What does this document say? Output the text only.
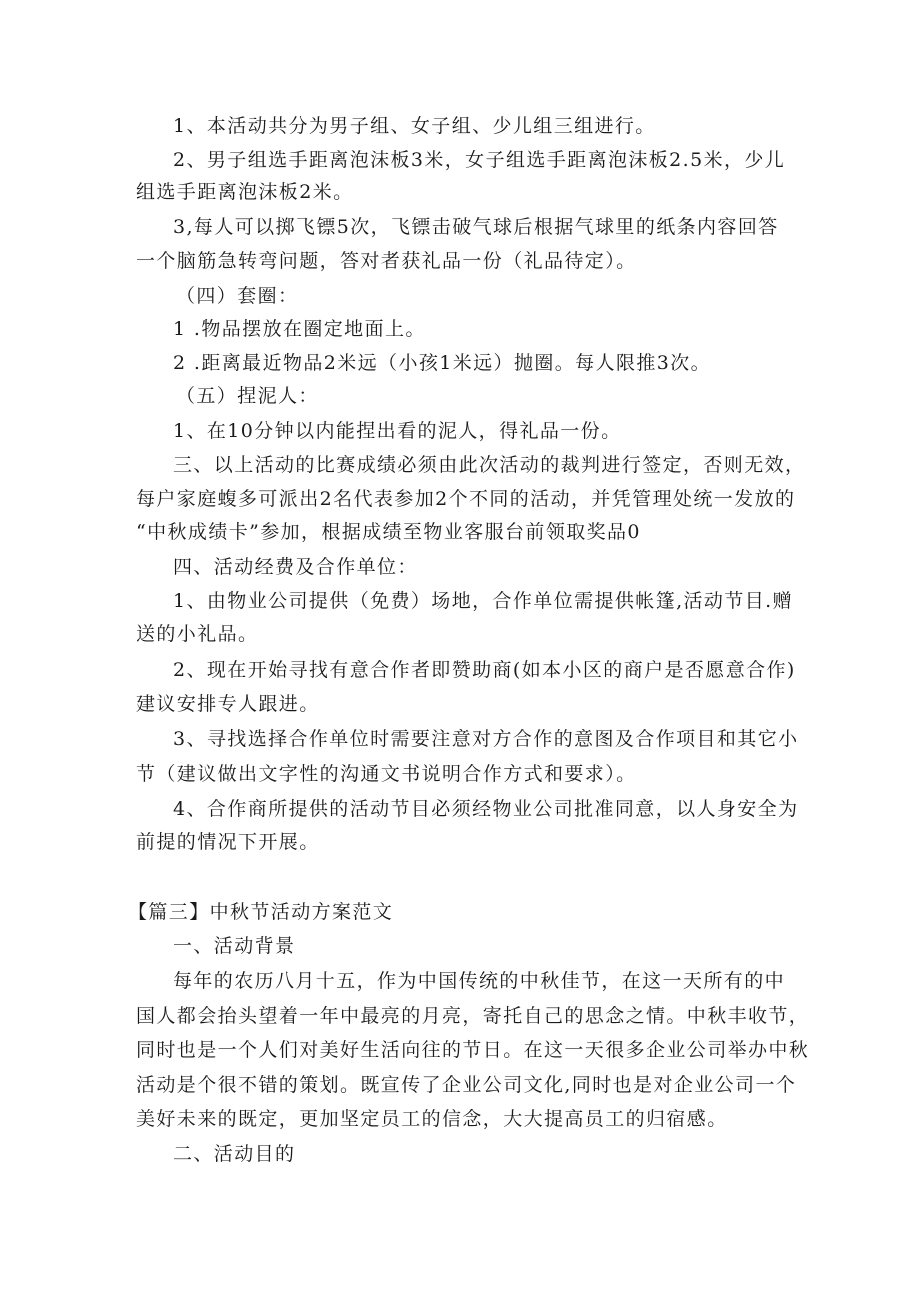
1、本活动共分为男子组、女子组、少儿组三组进行。
2、男子组选手距离泡沫板3米，女子组选手距离泡沫板2.5米，少儿
组选手距离泡沫板2米。
3,每人可以掷飞镖5次，飞镖击破气球后根据气球里的纸条内容回答
一个脑筋急转弯问题，答对者获礼品一份（礼品待定）。
（四）套圈：
1 .物品摆放在圈定地面上。
2 .距离最近物品2米远（小孩1米远）抛圈。每人限推3次。
（五）捏泥人：
1、在10分钟以内能捏出看的泥人，得礼品一份。
三、以上活动的比赛成绩必须由此次活动的裁判进行签定，否则无效，
每户家庭蝮多可派出2名代表参加2个不同的活动，并凭管理处统一发放的
“中秋成绩卡”参加，根据成绩至物业客服台前领取奖品0
四、活动经费及合作单位：
1、由物业公司提供（免费）场地，合作单位需提供帐篷,活动节目.赠
送的小礼品。
2、现在开始寻找有意合作者即赞助商(如本小区的商户是否愿意合作)
建议安排专人跟进。
3、寻找选择合作单位时需要注意对方合作的意图及合作项目和其它小
节（建议做出文字性的沟通文书说明合作方式和要求）。
4、合作商所提供的活动节目必须经物业公司批准同意，以人身安全为
前提的情况下开展。
【篇三】中秋节活动方案范文
一、活动背景
每年的农历八月十五，作为中国传统的中秋佳节，在这一天所有的中
国人都会抬头望着一年中最亮的月亮，寄托自己的思念之情。中秋丰收节，
同时也是一个人们对美好生活向往的节日。在这一天很多企业公司举办中秋
活动是个很不错的策划。既宣传了企业公司文化,同时也是对企业公司一个
美好未来的既定，更加坚定员工的信念，大大提高员工的归宿感。
二、活动目的
